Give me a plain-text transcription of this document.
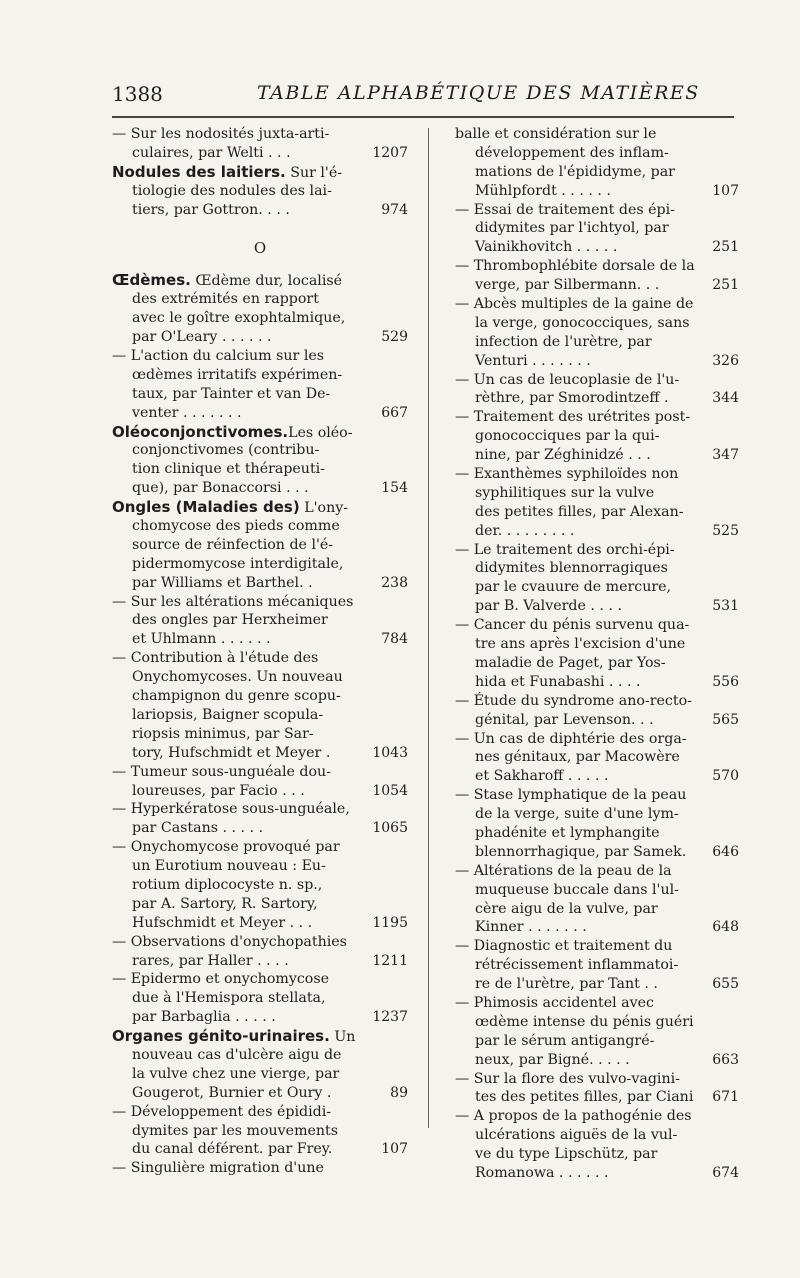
1388	TABLE ALPHABÉTIQUE DES MATIÈRES
— Sur les nodosités juxta-arti-
culaires, par Welti . . .	1207
Nodules des laitiers. Sur l'é-
tiologie des nodules des lai-
tiers, par Gottron. . . .	974
O
Œdèmes. Œdème dur, localisé
des extrémités en rapport
avec le goître exophtalmique,
par O'Leary . . . . . .	529
— L'action du calcium sur les
œdèmes irritatifs expérimen-
taux, par Tainter et van De-
venter . . . . . . .	667
Oléoconjonctivomes.Les oléo-
conjonctivomes (contribu-
tion clinique et thérapeuti-
que), par Bonaccorsi . . .	154
Ongles (Maladies des) L'ony-
chomycose des pieds comme
source de réinfection de l'é-
pidermomycose interdigitale,
par Williams et Barthel. .	238
— Sur les altérations mécaniques
des ongles par Herxheimer
et Uhlmann . . . . . .	784
— Contribution à l'étude des
Onychomycoses. Un nouveau
champignon du genre scopu-
lariopsis, Baigner scopula-
riopsis minimus, par Sar-
tory, Hufschmidt et Meyer .	1043
— Tumeur sous-unguéale dou-
loureuses, par Facio . . .	1054
— Hyperkératose sous-unguéale,
par Castans . . . . .	1065
— Onychomycose provoqué par
un Eurotium nouveau : Eu-
rotium diplococyste n. sp.,
par A. Sartory, R. Sartory,
Hufschmidt et Meyer . . .	1195
— Observations d'onychopathies
rares, par Haller . . . .	1211
— Epidermo et onychomycose
due à l'Hemispora stellata,
par Barbaglia . . . . .	1237
Organes génito-urinaires. Un
nouveau cas d'ulcère aigu de
la vulve chez une vierge, par
Gougerot, Burnier et Oury .	89
— Développement des épididi-
dymites par les mouvements
du canal déférent. par Frey.	107
— Singulière migration d'une
balle et considération sur le
développement des inflam-
mations de l'épididyme, par
Mühlpfordt . . . . . .	107
— Essai de traitement des épi-
didymites par l'ichtyol, par
Vainikhovitch . . . . .	251
— Thrombophlébite dorsale de la
verge, par Silbermann. . .	251
— Abcès multiples de la gaine de
la verge, gonococciques, sans
infection de l'urètre, par
Venturi . . . . . . .	326
— Un cas de leucoplasie de l'u-
rèthre, par Smorodintzeff .	344
— Traitement des urétrites post-
gonococciques par la qui-
nine, par Zéghinidzé . . .	347
— Exanthèmes syphiloïdes non
syphilitiques sur la vulve
des petites filles, par Alexan-
der. . . . . . . . .	525
— Le traitement des orchi-épi-
didymites blennorragiques
par le cvauure de mercure,
par B. Valverde . . . .	531
— Cancer du pénis survenu qua-
tre ans après l'excision d'une
maladie de Paget, par Yos-
hida et Funabashi . . . .	556
— Étude du syndrome ano-recto-
génital, par Levenson. . .	565
— Un cas de diphtérie des orga-
nes génitaux, par Macowère
et Sakharoff . . . . .	570
— Stase lymphatique de la peau
de la verge, suite d'une lym-
phadénite et lymphangite
blennorrhagique, par Samek. 646
— Altérations de la peau de la
muqueuse buccale dans l'ul-
cère aigu de la vulve, par
Kinner . . . . . . .	648
— Diagnostic et traitement du
rétrécissement inflammatoi-
re de l'urètre, par Tant . .	655
— Phimosis accidentel avec
œdème intense du pénis guéri
par le sérum antigangré-
neux, par Bigné. . . . .	663
— Sur la flore des vulvo-vagini-
tes des petites filles, par Ciani 671
— A propos de la pathogénie des
ulcérations aiguës de la vul-
ve du type Lipschütz, par
Romanowa . . . . . .	674
